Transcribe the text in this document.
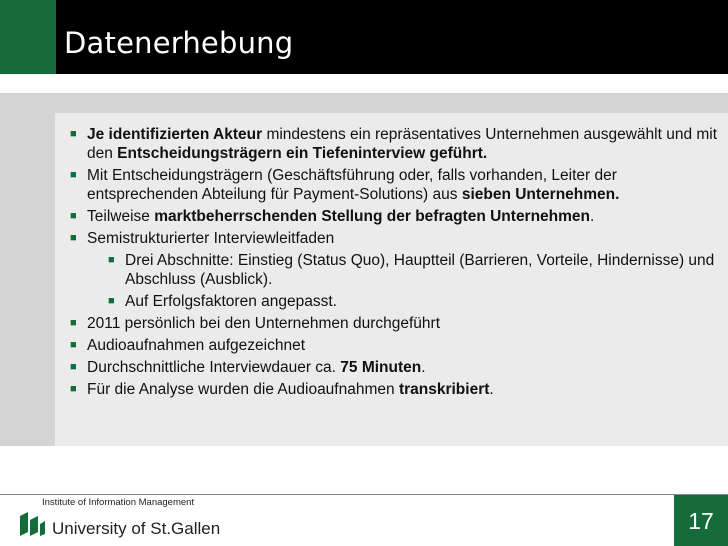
Datenerhebung
■ Je identifizierten Akteur mindestens ein repräsentatives Unternehmen ausgewählt und mit den Entscheidungsträgern ein Tiefeninterview geführt.
■ Mit Entscheidungsträgern (Geschäftsführung oder, falls vorhanden, Leiter der entsprechenden Abteilung für Payment-Solutions) aus sieben Unternehmen.
■ Teilweise marktbeherrschenden Stellung der befragten Unternehmen.
■ Semistrukturierter Interviewleitfaden
■ Drei Abschnitte: Einstieg (Status Quo), Hauptteil (Barrieren, Vorteile, Hindernisse) und Abschluss (Ausblick).
■ Auf Erfolgsfaktoren angepasst.
■ 2011 persönlich bei den Unternehmen durchgeführt
■ Audioaufnahmen aufgezeichnet
■ Durchschnittliche Interviewdauer ca. 75 Minuten.
■ Für die Analyse wurden die Audioaufnahmen transkribiert.
Institute of Information Management
University of St.Gallen	17
